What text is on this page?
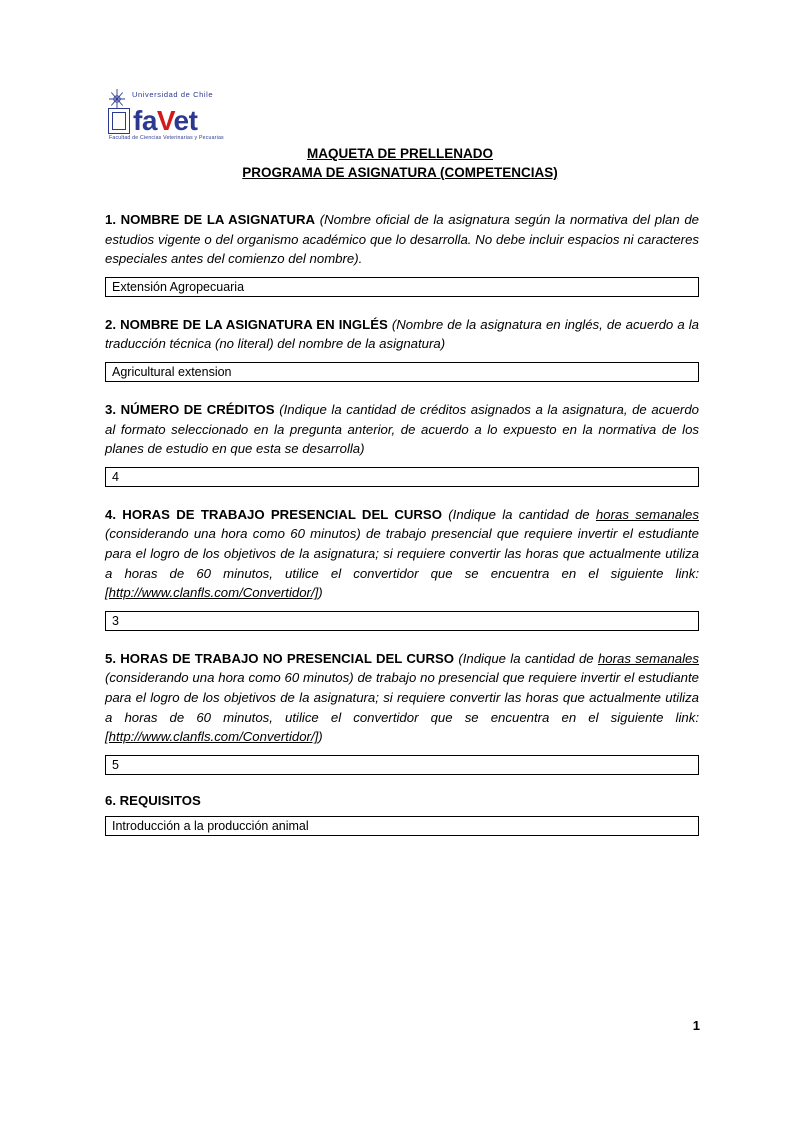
Universidad de Chile
faVet
Facultad de Ciencias Veterinarias y Pecuarias
MAQUETA DE PRELLENADO
PROGRAMA DE ASIGNATURA (COMPETENCIAS)

1. NOMBRE DE LA ASIGNATURA (Nombre oficial de la asignatura según la normativa del plan de estudios vigente o del organismo académico que lo desarrolla. No debe incluir espacios ni caracteres especiales antes del comienzo del nombre).

Extensión Agropecuaria

2. NOMBRE DE LA ASIGNATURA EN INGLÉS (Nombre de la asignatura en inglés, de acuerdo a la traducción técnica (no literal) del nombre de la asignatura)

Agricultural extension

3. NÚMERO DE CRÉDITOS (Indique la cantidad de créditos asignados a la asignatura, de acuerdo al formato seleccionado en la pregunta anterior, de acuerdo a lo expuesto en la normativa de los planes de estudio en que esta se desarrolla)

4

4. HORAS DE TRABAJO PRESENCIAL DEL CURSO (Indique la cantidad de horas semanales (considerando una hora como 60 minutos) de trabajo presencial que requiere invertir el estudiante para el logro de los objetivos de la asignatura; si requiere convertir las horas que actualmente utiliza a horas de 60 minutos, utilice el convertidor que se encuentra en el siguiente link: [http://www.clanfls.com/Convertidor/])

3

5. HORAS DE TRABAJO NO PRESENCIAL DEL CURSO (Indique la cantidad de horas semanales (considerando una hora como 60 minutos) de trabajo no presencial que requiere invertir el estudiante para el logro de los objetivos de la asignatura; si requiere convertir las horas que actualmente utiliza a horas de 60 minutos, utilice el convertidor que se encuentra en el siguiente link: [http://www.clanfls.com/Convertidor/])

5

6. REQUISITOS

Introducción a la producción animal
1
